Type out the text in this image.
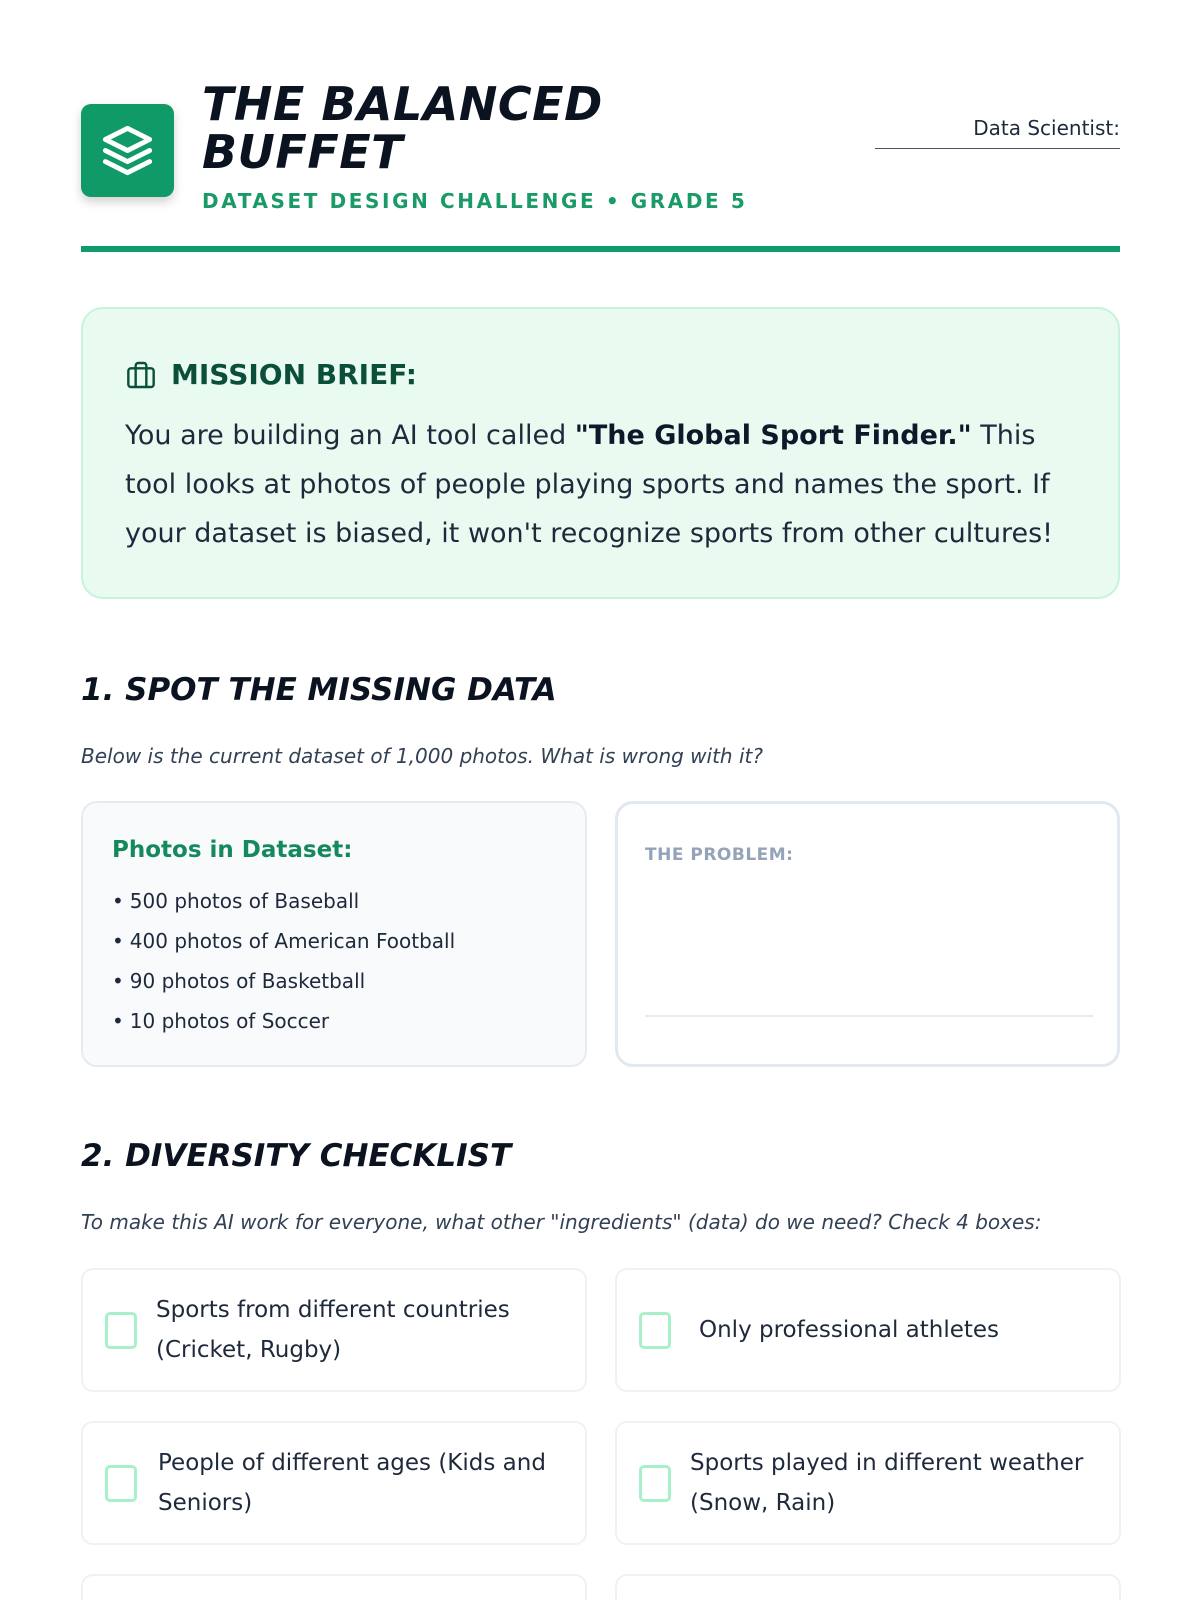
THE BALANCED
BUFFET
DATASET DESIGN CHALLENGE • GRADE 5
Data Scientist:
MISSION BRIEF:

You are building an AI tool called "The Global Sport Finder." This tool looks at photos of people playing sports and names the sport. If your dataset is biased, it won't recognize sports from other cultures!

1. SPOT THE MISSING DATA

Below is the current dataset of 1,000 photos. What is wrong with it?

Photos in Dataset:
• 500 photos of Baseball
• 400 photos of American Football
• 90 photos of Basketball
• 10 photos of Soccer
THE PROBLEM:
2. DIVERSITY CHECKLIST

To make this AI work for everyone, what other "ingredients" (data) do we need? Check 4 boxes:

Sports from different countries (Cricket, Rugby)
Only professional athletes
People of different ages (Kids and Seniors)
Sports played in different weather (Snow, Rain)
